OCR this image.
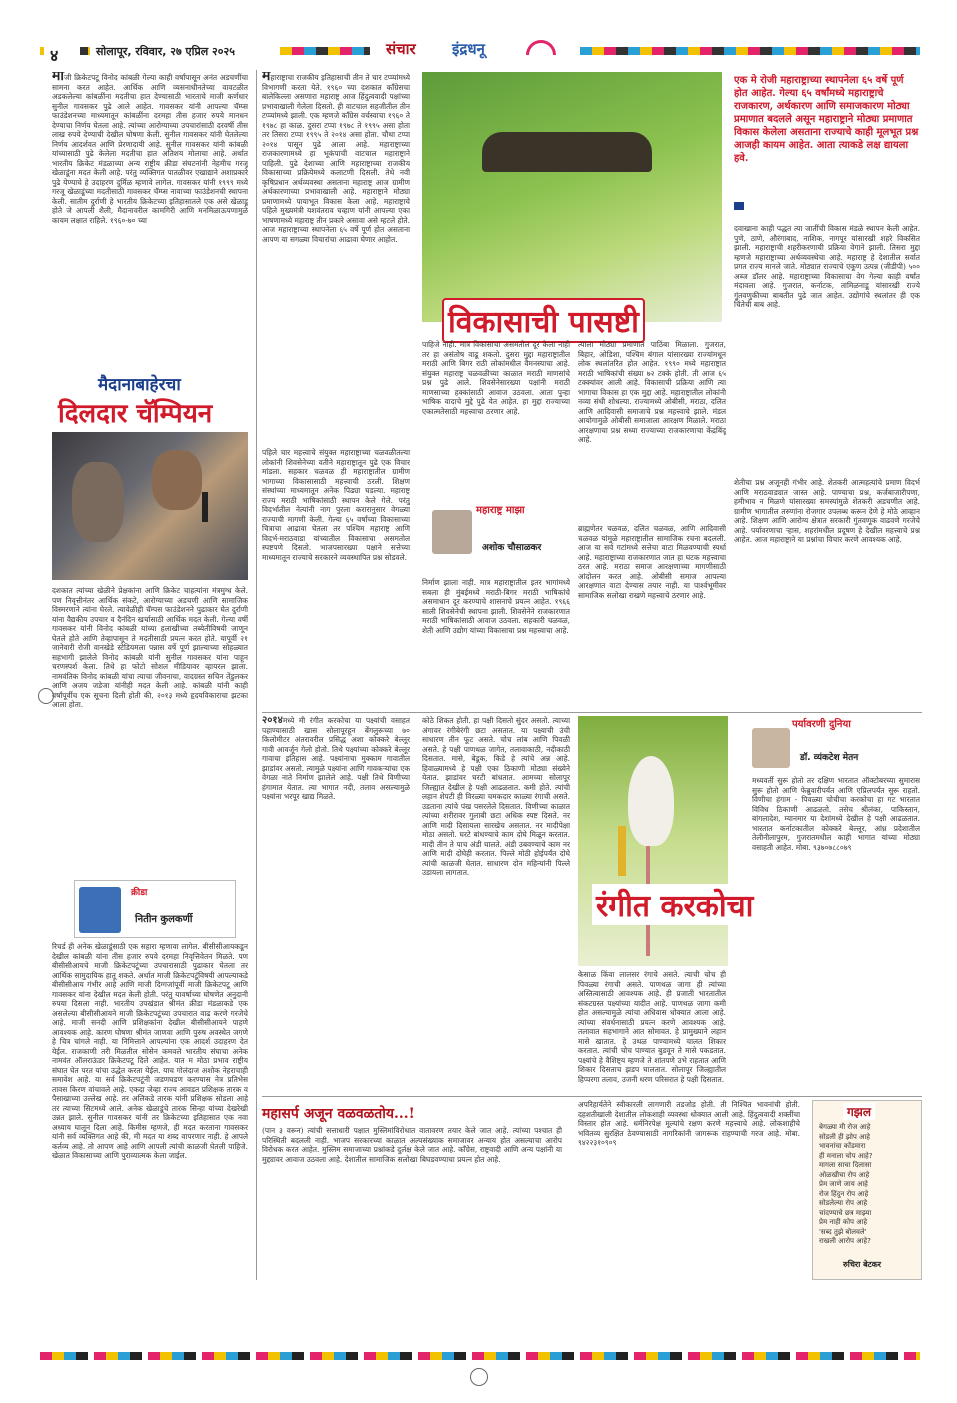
४	सोलापूर, रविवार, २७ एप्रिल २०२५	संचार इंद्रधनू
माजी क्रिकेटपटू विनोद कांबळी गेल्या काही वर्षांपासून अनंत अडचणींचा सामना करत आहेत. आर्थिक आणि व्यसनाधीनतेच्या वावटळीत अडकलेल्या कांबळींना मदतीचा हात देण्यासाठी भारताचे माजी कर्णधार सुनील गावसकर पुढे आले आहेत. गावसकर यांनी आपल्या चॅम्प्स फाउंडेशनच्या माध्यमातून कांबळींना दरमहा तीस हजार रुपये मानधन देण्याचा निर्णय घेतला आहे. त्यांच्या आरोग्याच्या उपचारांसाठी दरवर्षी तीस लाख रुपये देण्याची देखील घोषणा केली. सुनील गावसकर यांनी घेतलेल्या निर्णय आदर्शवत आणि प्रेरणादायी आहे. सुनील गावसकर यांनी कांबळी यांच्यासाठी पुढे केलेला मदतीचा हात अतिशय मोलाचा आहे. अर्थात भारतीय क्रिकेट मंडळाच्या अन्य राष्ट्रीय क्रीडा संघटनांनी नेहमीच गरजू खेळाडूंना मदत केली आहे. परंतु व्यक्तिगत पातळीवर एखाद्याने अशाप्रकारे पुढे येण्याचे हे उदाहरण दुर्मिळ म्हणावे लागेल. गावसकर यांनी १९९९ मध्ये गरजू खेळाडूंच्या मदतीसाठी गावसकर चॅम्प्स नावाच्या फाउंडेशनची स्थापना केली. सातीम दुर्राणी हे भारतीय क्रिकेटच्या इतिहासातले एक असे खेळाडू होते जे आपली शैली, मैदानावरील कामगिरी आणि मनमिळाऊपणामुळे कायम लक्षात राहिले. १९६०-७० च्या
मैदानाबाहेरचा
दिलदार चॅम्पियन
दशकात त्यांच्या खेळीने प्रेक्षकांना आणि क्रिकेट चाहत्यांना मंत्रमुग्ध केले. पण निवृत्तीनंतर आर्थिक संकटे, आरोग्याच्या अडचणी आणि सामाजिक विस्मरणाने त्यांना घेरले. त्यावेळीही चॅम्पस फाउंडेशनने पुढाकार घेत दुर्राणी यांना वैद्यकीय उपचार व दैनंदिन खर्चासाठी आर्थिक मदत केली. गेल्या वर्षी गावसकर यांनी विनोद कांबळी यांच्या हलाखीच्या तब्येतीविषयी जाणून घेतले होते आणि तेव्हापासून ते मदतीसाठी प्रयत्न करत होते. यापूर्वी २१ जानेवारी रोजी वानखेडे स्टेडियमला पन्नास वर्षे पूर्ण झाल्याच्या सोहळ्यात सहभागी झालेले विनोद कांबळी यांनी सुनील गावसकर यांना पाहून चरणस्पर्श केला. तिथे हा फोटो सोशल मीडियावर व्हायरल झाला. नामवंतिक विनोद कांबळी यांचा त्याचा जीवनाचा, वादग्रस्त सचिन तेंडुलकर आणि अजय जडेजा यांनीही मदत केली आहे. कांबळी यांनी काही वर्षांपूर्वीच एक सूचना दिली होती की, २०१३ मध्ये हृदयविकाराचा झटका आला होता.
क्रीडा
नितीन कुलकर्णी
रिचर्ड ही अनेक खेळाडूंसाठी एक सहारा म्हणावा लागेल. बीसीसीआयकडून देखील कांबळी यांना तीस हजार रुपये दरमहा निवृत्तिवेतन मिळते. पण बीसीसीआयचे माजी क्रिकेटपटूंच्या उपचारासाठी पुढाकार घेतला तर आर्थिक सामुदायिक हातू शकते. अर्थात माजी क्रिकेटपटूंविषयी आपल्याकडे बीसीसीआय गंभीर आहे आणि माजी दिग्गजांपूर्वी माजी क्रिकेटपटू आणि गावसकर यांना देखील मदत केली होती. परंतु यावर्षाच्या घोषणेत अनुदानी रुपया दिसला नाही. भारतीय उपखंडात श्रीमंत क्रीडा मंडळाकडे एक असलेल्या बीसीसीआयने माजी क्रिकेटपटूंच्या उपचारात वाढ करणे गरजेचे आहे. माजी सनदी आणि प्रशिक्षकांना देखील बीसीसीआयने पाहणे आवश्यक आहे. कारण घोषणा श्रीमंत जाणवा आणि पुरुष अवस्थेत जगणे हे चित्र चांगले नाही. या निमित्ताने आपल्यांना एक आदर्श उदाहरण देत येईल. राजकाणी तरी मिळतील सोसेन कमवले भारतीय संघाचा अनेक नामवंत ऑलराऊंडर क्रिकेटपटू दिले आहेत. यात म मोठा प्रभाव राष्ट्रीय संघात घेत परत यांचा उद्धेत करता येईल. याच गोलंदाज अशोक नेहराचाही समावेश आहे. या सर्व क्रिकेटपटूंनी जडणघडण करण्यास नेत्र प्रतिभेस तावस किरण वांचावले आहे. एकदा जेव्हा राज्य आवडत प्रशिक्षक तारक व पैसाखाच्या उल्लेख आहे. तर अलिकडे तारक यांनी प्रशिक्षक सोडला आहे तर त्याच्या सिटमध्ये आले. अनेक खेळाडूंचे तारक सिन्हा यांच्या देखरेखी उन्नत झाले. सुनील गावसकर यांनी तर क्रिकेटच्या इतिहासात एक नवा अध्याय घालून दिला आहे. किमीस म्हणजे, ही मदत करताना गावसकर यांनी सर्व व्यक्तिगत आहे की, मी मदत या शब्द वापरणार नाही. हे आपले कर्तव्य आहे. तो आपण आहे आणि आपली त्यांची काळजी घेतली पाहिजे. खेळात विकासाच्या आणि पुराव्यात्मक केला जाईल.
महाराष्ट्राचा राजकीय इतिहासाची तीन ते चार टप्प्यांमध्ये विभागणी करता येते. १९६० च्या दशकात कॉंग्रेसचा बालेकिल्ला असणारा महाराष्ट्र आज हिंदुत्ववादी पक्षांच्या प्रभावाखाली गेलेला दिसतो. ही वाटचाल सहजीतील तीन टप्प्यांमध्ये झाली. एक म्हणजे कॉंग्रेस वर्चस्वाचा १९६० ते १९७८ हा काळ. दुसरा टप्पा १९७८ ते १९९५ असा होता तर तिसरा टप्पा १९९५ ते २०१४ असा होता. चौथा टप्पा २०१४ पासून पुढे आला आहे. महाराष्ट्राच्या राजकारणामध्ये हा भूकंपाची वाटचाल महाराष्ट्राने पाहिली. पुढे देशाच्या आणि महाराष्ट्राच्या राजकीय विकासाच्या प्रक्रियेमध्ये कलाटणी दिसली. तेथे नवी कृषिप्रधान अर्थव्यवस्था असताना महाराष्ट्र आज ग्रामीण अर्थकारणाच्या प्रभावाखाली आहे. महाराष्ट्राने मोठ्या प्रमाणामध्ये पायाभूत विकास केला आहे. महाराष्ट्राचे पहिले मुख्यमंत्री यशवंतराव चव्हाण यांनी आपल्या एका भाषणामध्ये महाराष्ट्र तीन प्रकारे असावा असे म्हटले होते. आज महाराष्ट्राच्या स्थापनेला ६५ वर्षे पूर्ण होत असताना आपण या सगळ्या विचारांचा आढावा घेणार आहोत.
पहिले चार महत्त्वाचे संयुक्त महाराष्ट्राच्या चळवळीतल्या लोकांनी शिवसेनेच्या वतीने महाराष्ट्रातून पुढे एक विचार मांडला. सहकार चळवळ ही महाराष्ट्रातील ग्रामीण भागाच्या विकासासाठी महत्त्वाची ठरली. शिक्षण संस्थांच्या माध्यमातून अनेक पिढ्या घडल्या. महाराष्ट्र राज्य मराठी भाषिकांसाठी स्थापन केले गेले. परंतु विदर्भातील नेत्यांनी नाग पुरला करारानुसार वेगळ्या राज्याची मागणी केली. गेल्या ६५ वर्षांच्या विकासाच्या चित्राचा आढावा घेतला तर पश्चिम महाराष्ट्र आणि विदर्भ-मराठवाडा यांच्यातील विकासाचा असमतोल स्पष्टपणे दिसतो. भाजपसारख्या पक्षाने सत्तेच्या माध्यमातून राज्याचे सरकारने व्यवस्थापित प्रश्न सोडवले.
विकासाची पासष्टी
एक मे रोजी महाराष्ट्राच्या स्थापनेला ६५ वर्षे पूर्ण होत आहेत. गेल्या ६५ वर्षांमध्ये महाराष्ट्राचे राजकारण, अर्थकारण आणि समाजकारण मोठ्या प्रमाणात बदलले असून महाराष्ट्राने मोठ्या प्रमाणात विकास केलेला असताना राज्याचे काही मूलभूत प्रश्न आजही कायम आहेत. आता त्याकडे लक्ष द्यायला हवे.
दवाखाना काही पद्धत त्या जातींची विकास मंडळे स्थापन केली आहेत. पुणे, ठाणे, औरंगाबाद, नाशिक, नागपूर यांसारखी शहरे विकसित झाली. महाराष्ट्राची शहरीकरणाची प्रक्रिया वेगाने झाली. तिसरा मुद्दा म्हणजे महाराष्ट्राच्या अर्थव्यवस्थेचा आहे. महाराष्ट्र हे देशातील सर्वात प्रगत राज्य मानले जाते. मोठ्यात राज्याचे एकूण उत्पन्न (जीडीपी) ५०० अब्ज डॉलर आहे. महाराष्ट्राच्या विकासाचा वेग गेल्या काही वर्षांत मंदावला आहे. गुजरात, कर्नाटक, तामिळनाडू यांसारखी राज्ये गुंतवणुकीच्या बाबतीत पुढे जात आहेत. उद्योगांचे स्थलांतर ही एक चिंतेची बाब आहे.
शेतीचा प्रश्न अजूनही गंभीर आहे. शेतकरी आत्महत्यांचे प्रमाण विदर्भ आणि मराठवाड्यात जास्त आहे. पाण्याचा प्रश्न, कर्जबाजारीपणा, हमीभाव न मिळणे यांसारख्या समस्यांमुळे शेतकरी अडचणीत आहे. ग्रामीण भागातील तरुणांना रोजगार उपलब्ध करून देणे हे मोठे आव्हान आहे. शिक्षण आणि आरोग्य क्षेत्रात सरकारी गुंतवणूक वाढवणे गरजेचे आहे. पर्यावरणाचा ऱ्हास, शहरांमधील प्रदूषण हे देखील महत्त्वाचे प्रश्न आहेत. आज महाराष्ट्राने या प्रश्नांचा विचार करणे आवश्यक आहे.
पाहिजे नाही. मात्र विकासाचा असमतोल दूर केला नाही तर हा असंतोष वाढू शकतो. दुसरा मुद्दा महाराष्ट्रातील मराठी आणि बिगर राठी लोकांमधील वैमनस्याचा आहे. संयुक्त महाराष्ट्र चळवळीच्या काळात मराठी माणसांचे प्रश्न पुढे आले. शिवसेनेसारख्या पक्षांनी मराठी माणसाच्या हक्कांसाठी आवाज उठवला. आता पुन्हा भाषिक वादाचे मुद्दे पुढे येत आहेत. हा मुद्दा राज्याच्या एकात्मतेसाठी महत्त्वाचा ठरणार आहे.
महाराष्ट्र माझा
अशोक चौसाळकर
निर्माण झाला नाही. मात्र महाराष्ट्रातील इतर भागांमध्ये सबला ही मुंबईमध्ये मराठी-बिगर मराठी भाषिकांचे असमाधान दूर करण्याचे शासनाचे प्रयत्न आहेत. १९६६ साली शिवसेनेची स्थापना झाली. शिवसेनेने राजकारणात मराठी भाषिकांसाठी आवाज उठवला. सहकारी चळवळ, शेती आणि उद्योग यांच्या विकासाचा प्रश्न महत्त्वाचा आहे.
त्याला मोठ्या प्रमाणात पाठिंबा मिळाला. गुजरात, बिहार, ओडिशा, पश्चिम बंगाल यांसारख्या राज्यांमधून लोक स्थलांतरित होत आहेत. १९९० मध्ये महाराष्ट्रात मराठी भाषिकांची संख्या ७२ टक्के होती. ती आज ६५ टक्क्यांवर आली आहे. विकासाची प्रक्रिया आणि त्या भागाचा विकास हा एक मुद्दा आहे. महाराष्ट्रातील लोकांनी नव्या संधी शोधल्या. राज्यामध्ये ओबीसी, मराठा, दलित आणि आदिवासी समाजाचे प्रश्न महत्त्वाचे झाले. मंडल आयोगामुळे ओबीसी समाजाला आरक्षण मिळाले. मराठा आरक्षणाचा प्रश्न सध्या राज्याच्या राजकारणाचा केंद्रबिंदू आहे.
ब्राह्मणेतर चळवळ, दलित चळवळ, आणि आदिवासी चळवळ यांमुळे महाराष्ट्रातील सामाजिक रचना बदलली. आज या सर्व गटांमध्ये सत्तेचा वाटा मिळवण्याची स्पर्धा आहे. महाराष्ट्राच्या राजकारणात जात हा घटक महत्त्वाचा ठरत आहे. मराठा समाज आरक्षणाच्या मागणीसाठी आंदोलन करत आहे. ओबीसी समाज आपल्या आरक्षणात वाटा देण्यास तयार नाही. या पार्श्वभूमीवर सामाजिक सलोखा राखणे महत्त्वाचे ठरणार आहे.
२०१४मध्ये मी रंगीत करकोचा या पक्ष्यांची वसाहत पहाण्यासाठी खास सोलापूरहून बेंगलुरूच्या ७० किलोमीटर अंतरावरील प्रसिद्ध अशा कोक्करे बेल्लूर गावी आवर्जून गेलो होतो. तिथे पक्ष्यांच्या कोक्करे बेल्लूर गावाचा इतिहास आहे. पक्ष्यांनाचा मुक्काम गावातील झाडांवर असतो. त्यामुळे पक्ष्यांना आणि गावकऱ्यांचा एक वेगळा नाते निर्माण झालेले आहे. पक्षी तिथे विणीच्या हंगामात येतात. त्या भागात नदी, तलाव असल्यामुळे पक्ष्यांना भरपूर खाद्य मिळते.
कोठे शिकत होती. हा पक्षी दिसतो सुंदर असतो. त्याच्या अंगावर रंगीबेरंगी छटा असतात. या पक्ष्याची उंची साधारण तीन फूट असते. चोच लांब आणि पिवळी असते. हे पक्षी पाणथळ जागेत, तलावाकाठी, नदीकाठी दिसतात. मासे, बेडूक, किडे हे त्यांचे अन्न आहे. हिवाळ्यामध्ये हे पक्षी एका ठिकाणी मोठ्या संख्येने येतात. झाडांवर घरटी बांधतात. आमच्या सोलापूर जिल्ह्यात देखील हे पक्षी आढळतात. कमी होते. त्यांची लहान शेपटी ही विरळ्या चमकदार काळ्या रंगाची असते. उडताना त्यांचे पंख पसरलेले दिसतात. विणीच्या काळात त्यांच्या शरीरावर गुलाबी छटा अधिक स्पष्ट दिसते. नर आणि मादी दिसायला सारखेच असतात. नर मादीपेक्षा मोठा असतो. घरटे बांधण्याचे काम दोघे मिळून करतात. मादी तीन ते पाच अंडी घालते. अंडी उबवण्याचे काम नर आणि मादी दोघेही करतात. पिल्ले मोठी होईपर्यंत दोघे त्यांची काळजी घेतात. साधारण दोन महिन्यांनी पिल्ले उडायला लागतात.
रंगीत करकोचा
केसाळ किंवा लालसर रंगाचे असते. त्याची चोच ही पिवळ्या रंगाची असते. पाणथळ जागा ही त्यांच्या अस्तित्वासाठी आवश्यक आहे. ही प्रजाती भारतातील संकटग्रस्त पक्ष्यांच्या यादीत आहे. पाणथळ जागा कमी होत असल्यामुळे त्यांचा अधिवास धोक्यात आला आहे. त्यांच्या संवर्धनासाठी प्रयत्न करणे आवश्यक आहे. तलावात सहभागाने आत सोमावत. हे प्रामुख्याने लहान मासे खातात. हे उथळ पाण्यामध्ये चालत शिकार करतात. त्यांची चोच पाण्यात बुडवून ते मासे पकडतात. पक्ष्यांचे हे वैशिष्ट्य म्हणजे ते शांतपणे उभे राहतात आणि शिकार दिसताच झडप घालतात. सोलापूर जिल्ह्यातील हिप्परगा तलाव, उजनी धरण परिसरात हे पक्षी दिसतात.
पर्यावरणी दुनिया
डॉ. व्यंकटेश मेतन
मध्यवर्ती सुरू होतो तर दक्षिण भारतात ऑक्टोबरच्या सुमारास सुरू होतो आणि फेब्रुवारीपर्यंत आणि एप्रिलपर्यंत सुरू राहतो. विणीचा हंगाम - पिवळ्या चोचीचा करकोचा हा गट भारतात विविध ठिकाणी आढळतो. तसेच श्रीलंका, पाकिस्तान, बांगलादेश, म्यानमार या देशांमध्ये देखील हे पक्षी आढळतात. भारतात कर्नाटकातील कोक्करे बेल्लूर, आंध्र प्रदेशातील तेलीनीलापुरम, गुजरातमधील काही भागात यांच्या मोठ्या वसाहती आहेत. मोबा. ९३७०७८८०७९
महासर्प अजून वळवळतोय...!
(पान ३ वरून) त्यांची सत्ताधारी पक्षात मुस्लिमांविरोधात वातावरण तयार केले जात आहे. त्यांच्या पश्चात ही परिस्थिती बदलली नाही. भाजप सरकारच्या काळात अल्पसंख्याक समाजावर अन्याय होत असल्याचा आरोप विरोधक करत आहेत. मुस्लिम समाजाच्या प्रश्नांकडे दुर्लक्ष केले जात आहे. काँग्रेस, राष्ट्रवादी आणि अन्य पक्षांनी या मुद्द्यावर आवाज उठवला आहे. देशातील सामाजिक सलोखा बिघडवण्याचा प्रयत्न होत आहे.
अपरिहार्यतेने स्वीकारली लागणारी तडजोड होती. ती निश्चित भावनांची होती. दहशतीखाली देशातील लोकशाही व्यवस्था धोक्यात आली आहे. हिंदुत्ववादी शक्तींचा विस्तार होत आहे. धर्मनिरपेक्ष मूल्यांचे रक्षण करणे महत्त्वाचे आहे. लोकशाहीचे भवितव्य सुरक्षित ठेवण्यासाठी नागरिकांनी जागरूक राहण्याची गरज आहे. मोबा. ९४२२३१०९०९
गझल
बेगळ्या मी रोज आहे
सोडली ही झोप आहे
भावनांचा कोंडमारा
ही मनाला चोप आहे?
मागला साचा दिलासा
ओळखीचा रोप आहे
प्रेम जाणे जाय आहे
रोज हिंदुन रोप आहे
सोडलेल्या रोप आहे
चांदण्याचे छत्र माझ्या
प्रेम नाही कोप आहे
'सब्द तुझे बोलवले'
राखली आरोप आहे?
रुचिरा बेटकर
